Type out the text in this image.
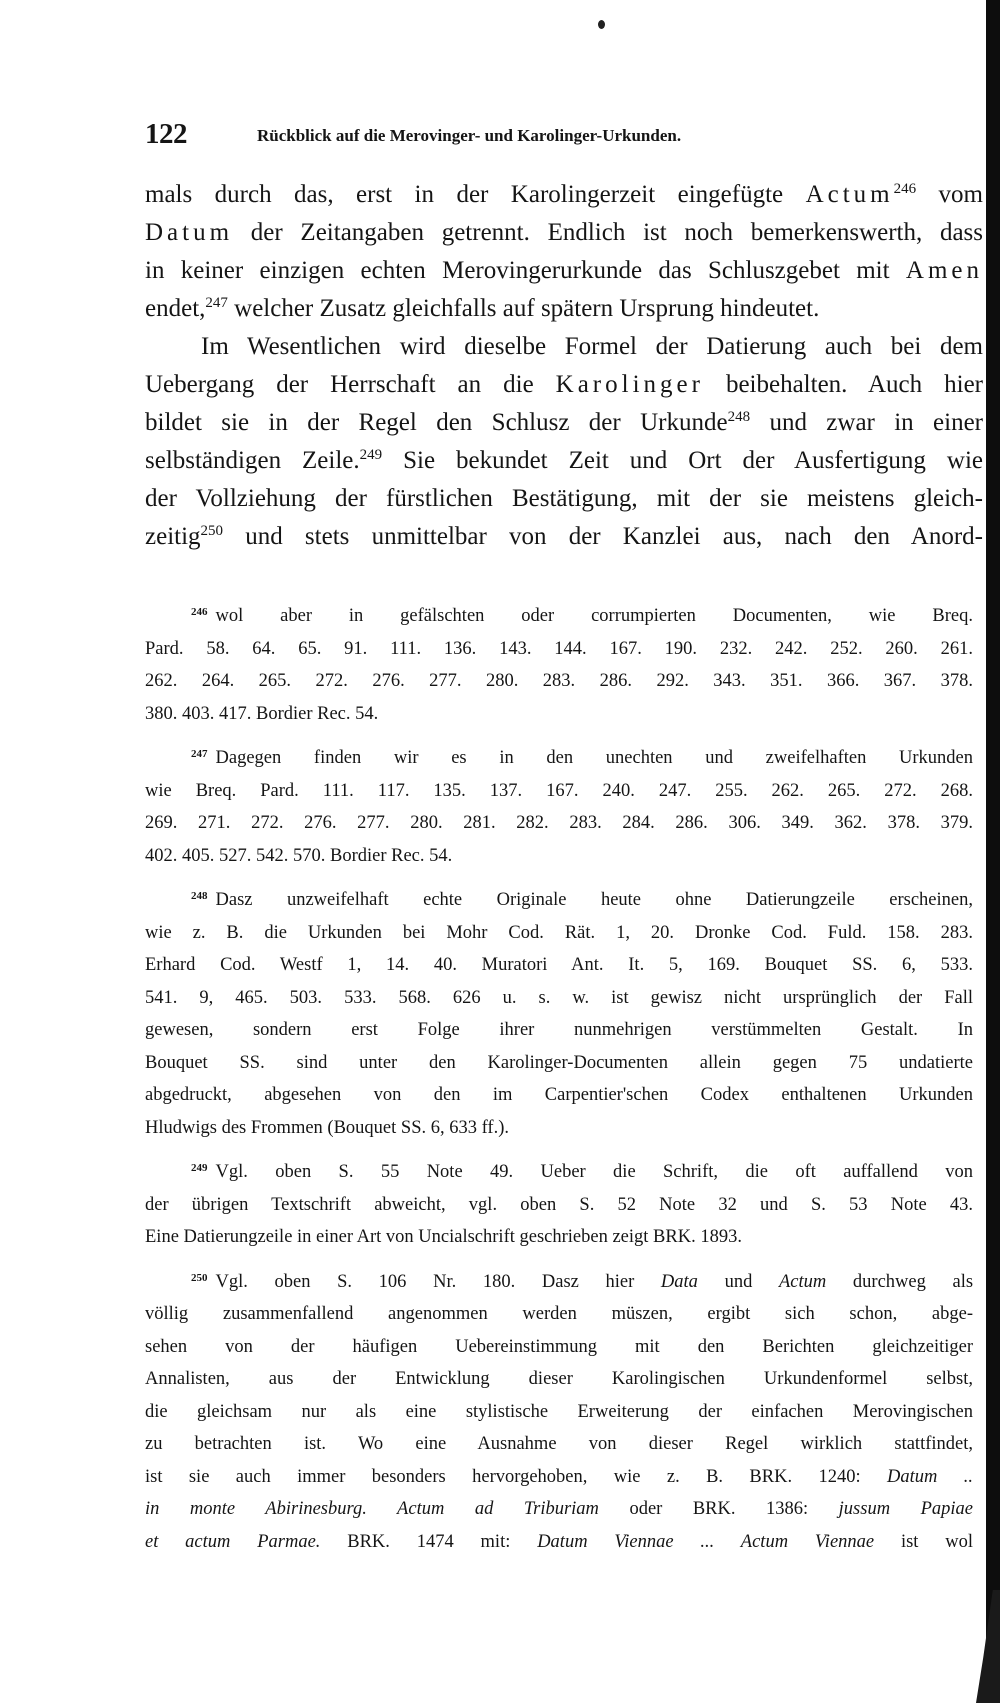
122	Rückblick auf die Merovinger- und Karolinger-Urkunden.
mals durch das, erst in der Karolingerzeit eingefügte Actum$^{246}$ vom
Datum der Zeitangaben getrennt. Endlich ist noch bemerkenswerth, dass
in keiner einzigen echten Merovingerurkunde das Schluszgebet mit Amen
endet,$^{247}$ welcher Zusatz gleichfalls auf spätern Ursprung hindeutet.
Im Wesentlichen wird dieselbe Formel der Datierung auch bei dem
Uebergang der Herrschaft an die Karolinger beibehalten. Auch hier
bildet sie in der Regel den Schlusz der Urkunde$^{248}$ und zwar in einer
selbständigen Zeile.$^{249}$ Sie bekundet Zeit und Ort der Ausfertigung wie
der Vollziehung der fürstlichen Bestätigung, mit der sie meistens gleich-
zeitig$^{250}$ und stets unmittelbar von der Kanzlei aus, nach den Anord-
$^{246}$ wol aber in gefälschten oder corrumpierten Documenten, wie Breq.
Pard. 58. 64. 65. 91. 111. 136. 143. 144. 167. 190. 232. 242. 252. 260. 261.
262. 264. 265. 272. 276. 277. 280. 283. 286. 292. 343. 351. 366. 367. 378.
380. 403. 417. Bordier Rec. 54.
$^{247}$ Dagegen finden wir es in den unechten und zweifelhaften Urkunden
wie Breq. Pard. 111. 117. 135. 137. 167. 240. 247. 255. 262. 265. 272. 268.
269. 271. 272. 276. 277. 280. 281. 282. 283. 284. 286. 306. 349. 362. 378. 379.
402. 405. 527. 542. 570. Bordier Rec. 54.
$^{248}$ Dasz unzweifelhaft echte Originale heute ohne Datierungzeile erscheinen,
wie z. B. die Urkunden bei Mohr Cod. Rät. 1, 20. Dronke Cod. Fuld. 158. 283.
Erhard Cod. Westf 1, 14. 40. Muratori Ant. It. 5, 169. Bouquet SS. 6, 533.
541. 9, 465. 503. 533. 568. 626 u. s. w. ist gewisz nicht ursprünglich der Fall
gewesen, sondern erst Folge ihrer nunmehrigen verstümmelten Gestalt. In
Bouquet SS. sind unter den Karolinger-Documenten allein gegen 75 undatierte
abgedruckt, abgesehen von den im Carpentier'schen Codex enthaltenen Urkunden
Hludwigs des Frommen (Bouquet SS. 6, 633 ff.).
$^{249}$ Vgl. oben S. 55 Note 49. Ueber die Schrift, die oft auffallend von
der übrigen Textschrift abweicht, vgl. oben S. 52 Note 32 und S. 53 Note 43.
Eine Datierungzeile in einer Art von Uncialschrift geschrieben zeigt BRK. 1893.
$^{250}$ Vgl. oben S. 106 Nr. 180. Dasz hier Data und Actum durchweg als
völlig zusammenfallend angenommen werden müszen, ergibt sich schon, abge-
sehen von der häufigen Uebereinstimmung mit den Berichten gleichzeitiger
Annalisten, aus der Entwicklung dieser Karolingischen Urkundenformel selbst,
die gleichsam nur als eine stylistische Erweiterung der einfachen Merovingischen
zu betrachten ist. Wo eine Ausnahme von dieser Regel wirklich stattfindet,
ist sie auch immer besonders hervorgehoben, wie z. B. BRK. 1240: Datum ..
in monte Abirinesburg. Actum ad Triburiam oder BRK. 1386: jussum Papiae
et actum Parmae. BRK. 1474 mit: Datum Viennae ... Actum Viennae ist wol
